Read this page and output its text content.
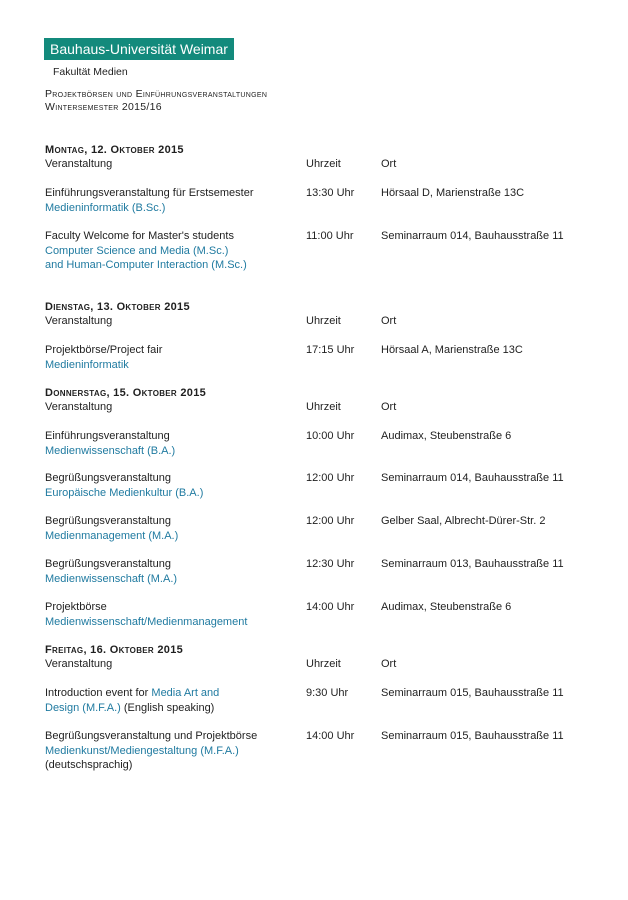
Bauhaus-Universität Weimar
Fakultät Medien
Projektbörsen und Einführungsveranstaltungen
Wintersemester 2015/16
Montag, 12. Oktober 2015
Veranstaltung	Uhrzeit	Ort
Einführungsveranstaltung für Erstsemester
Medieninformatik (B.Sc.)
13:30 Uhr Hörsaal D, Marienstraße 13C
Faculty Welcome for Master's students
Computer Science and Media (M.Sc.)
and Human-Computer Interaction (M.Sc.)
11:00 Uhr	Seminarraum 014, Bauhausstraße 11
Dienstag, 13. Oktober 2015
Veranstaltung	Uhrzeit	Ort
Projektbörse/Project fair
Medieninformatik
17:15 Uhr Hörsaal A, Marienstraße 13C
Donnerstag, 15. Oktober 2015
Veranstaltung	Uhrzeit	Ort
Einführungsveranstaltung
Medienwissenschaft (B.A.)
10:00 Uhr Audimax, Steubenstraße 6
Begrüßungsveranstaltung
Europäische Medienkultur (B.A.)
12:00 Uhr Seminarraum 014, Bauhausstraße 11
Begrüßungsveranstaltung
Medienmanagement (M.A.)
12:00 Uhr Gelber Saal, Albrecht-Dürer-Str. 2
Begrüßungsveranstaltung
Medienwissenschaft (M.A.)
12:30 Uhr Seminarraum 013, Bauhausstraße 11
Projektbörse
Medienwissenschaft/Medienmanagement
14:00 Uhr Audimax, Steubenstraße 6
Freitag, 16. Oktober 2015
Veranstaltung	Uhrzeit	Ort
Introduction event for Media Art and
Design (M.F.A.) (English speaking)
9:30 Uhr	Seminarraum 015, Bauhausstraße 11
Begrüßungsveranstaltung und Projektbörse
Medienkunst/Mediengestaltung (M.F.A.)
(deutschsprachig)
14:00 Uhr Seminarraum 015, Bauhausstraße 11
